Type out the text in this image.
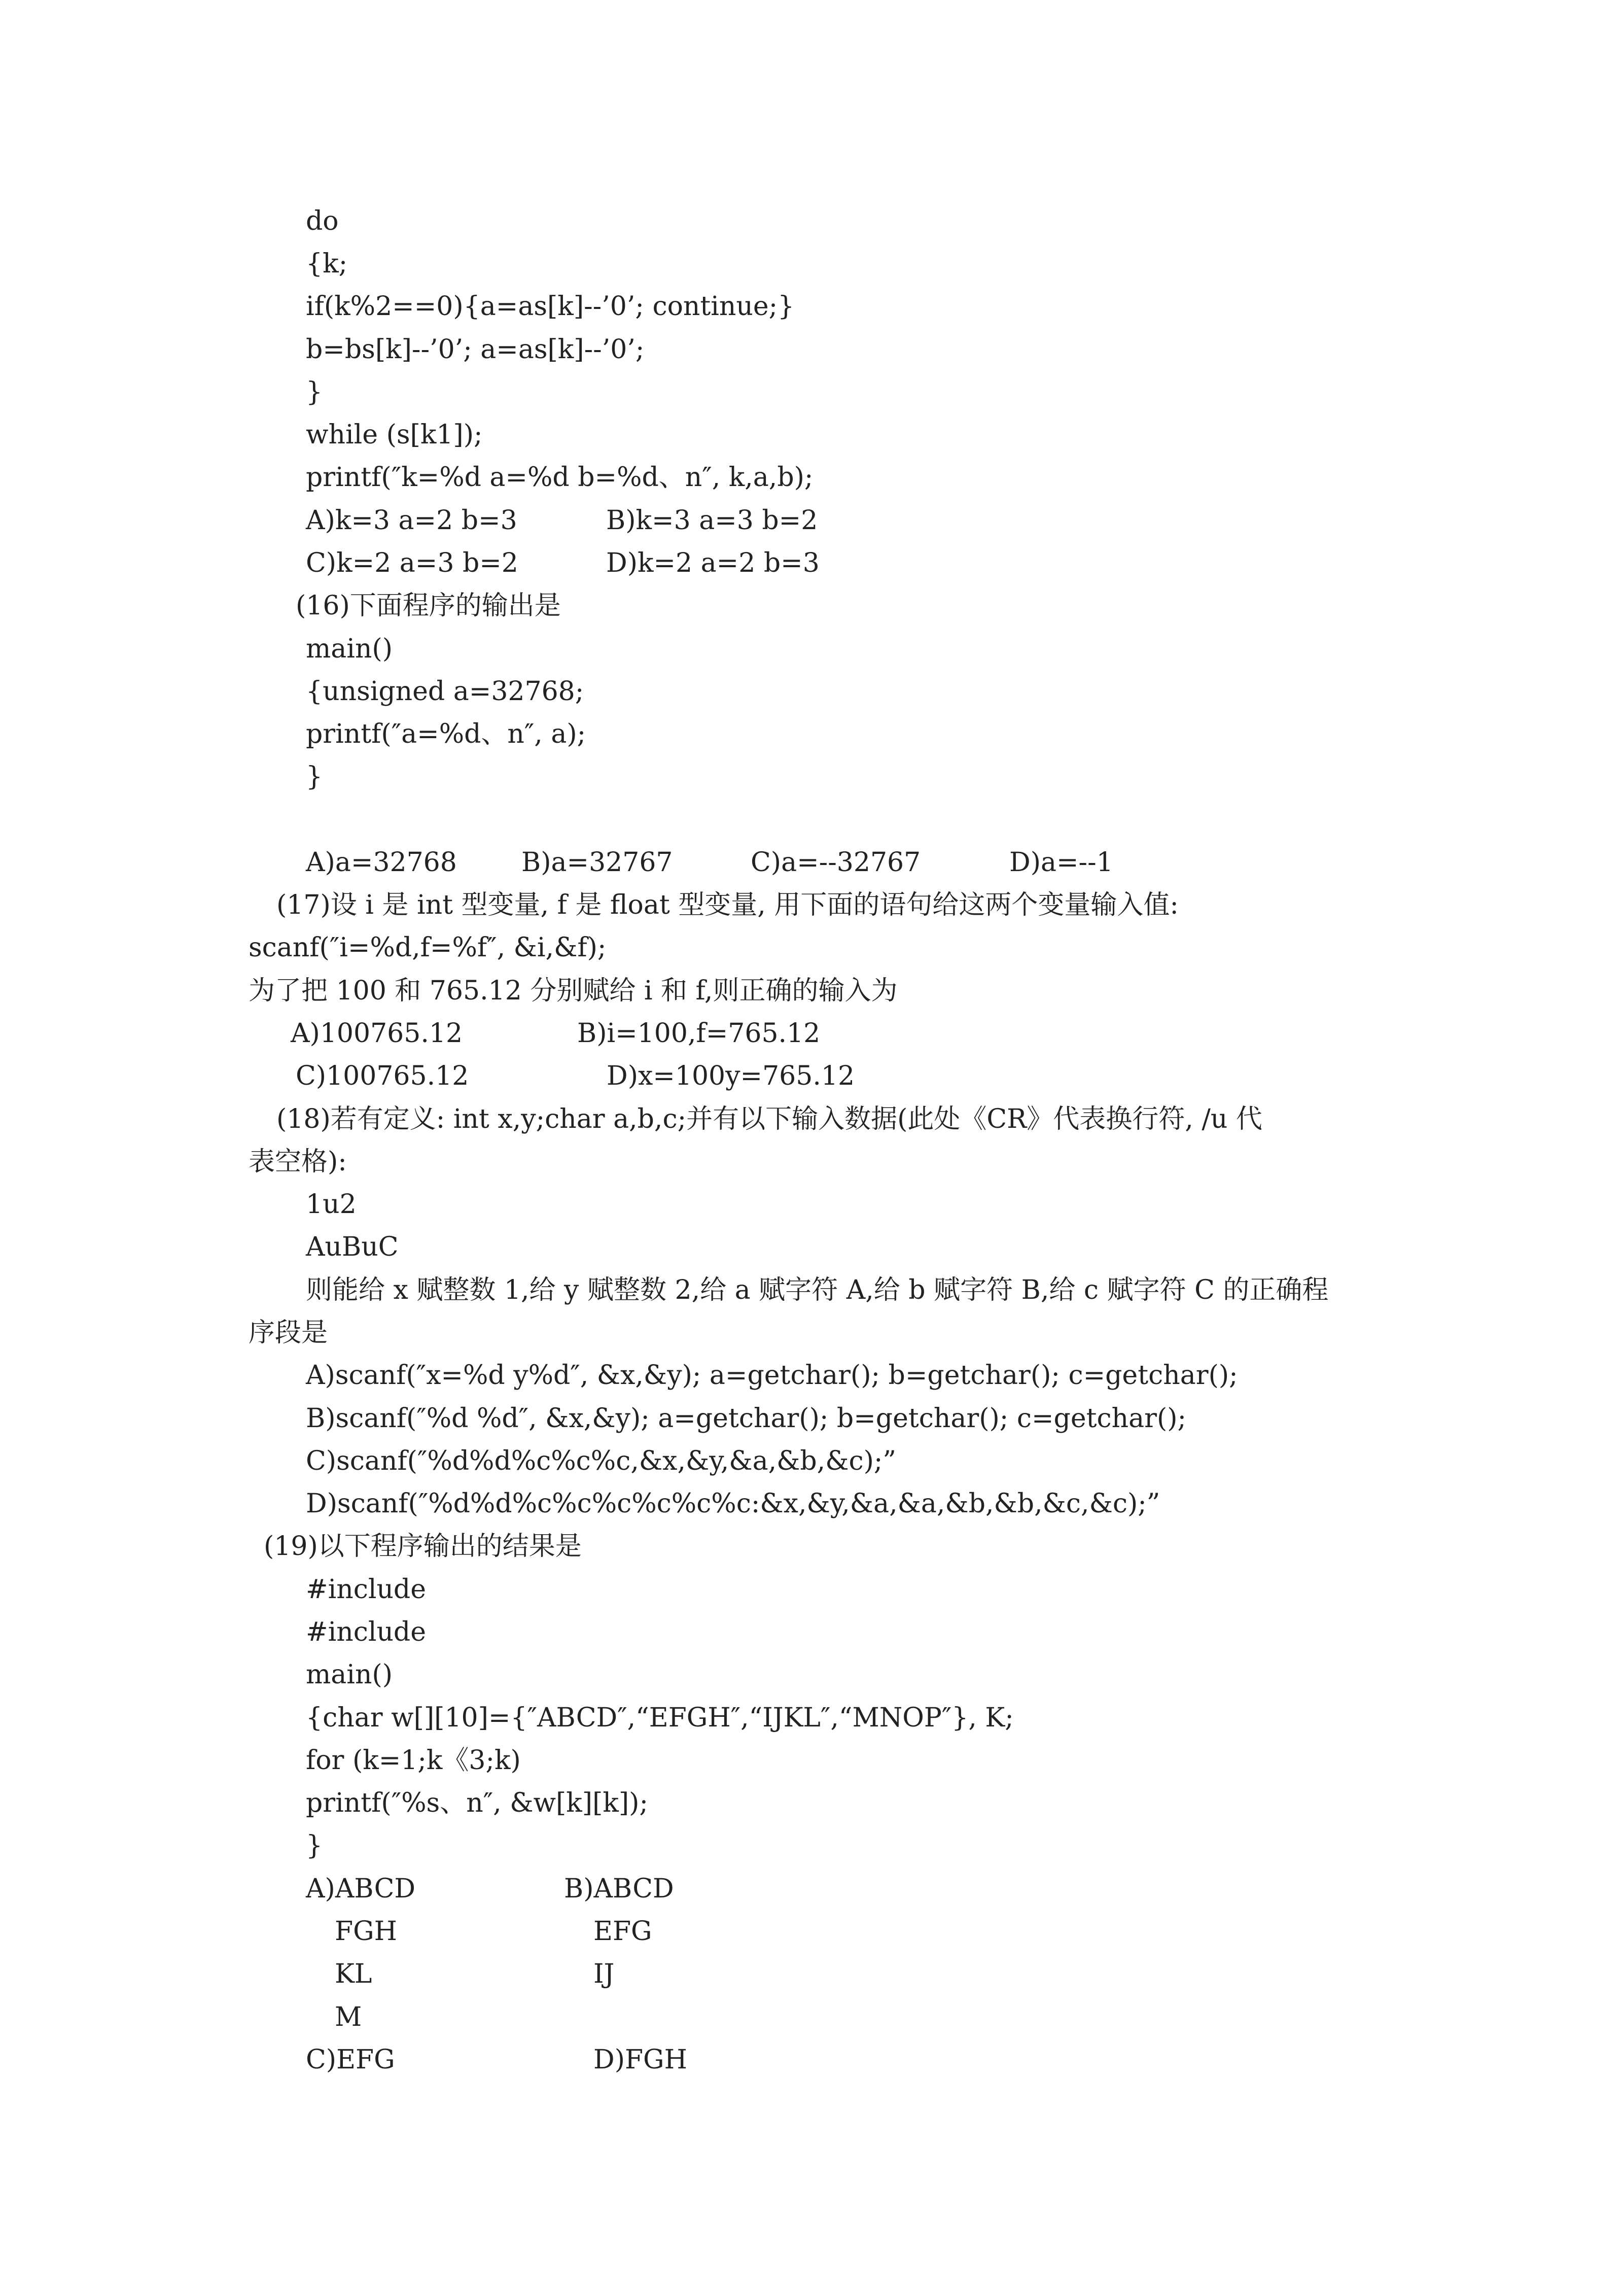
do
{k;
if(k%2==0){a=as[k]--’0’; continue;}
b=bs[k]--’0’; a=as[k]--’0’;
}
while (s[k1]);
printf(″k=%d a=%d b=%d、n″, k,a,b);
A)k=3 a=2 b=3	B)k=3 a=3 b=2
C)k=2 a=3 b=2	D)k=2 a=2 b=3
(16)下面程序的输出是
main()
{unsigned a=32768;
printf(″a=%d、n″, a);
}
A)a=32768 B)a=32767	C)a=--32767	D)a=--1
(17)设 i 是 int 型变量, f 是 float 型变量, 用下面的语句给这两个变量输入值:
scanf(″i=%d,f=%f″, &i,&f);
为了把 100 和 765.12 分别赋给 i 和 f,则正确的输入为
A)100765.12	B)i=100,f=765.12
C)100765.12	D)x=100y=765.12
(18)若有定义: int x,y;char a,b,c;并有以下输入数据(此处《CR》代表换行符, /u 代
表空格):
1u2
AuBuC
则能给 x 赋整数 1,给 y 赋整数 2,给 a 赋字符 A,给 b 赋字符 B,给 c 赋字符 C 的正确程
序段是
A)scanf(″x=%d y%d″, &x,&y); a=getchar(); b=getchar(); c=getchar();
B)scanf(″%d %d″, &x,&y); a=getchar(); b=getchar(); c=getchar();
C)scanf(″%d%d%c%c%c,&x,&y,&a,&b,&c);”
D)scanf(″%d%d%c%c%c%c%c%c:&x,&y,&a,&a,&b,&b,&c,&c);”
(19)以下程序输出的结果是
#include
#include
main()
{char w[][10]={″ABCD″,“EFGH″,“IJKL″,“MNOP″}, K;
for (k=1;k《3;k)
printf(″%s、n″, &w[k][k]);
}
A)ABCD	B)ABCD
FGH	EFG
KL	IJ
M
C)EFG	D)FGH
